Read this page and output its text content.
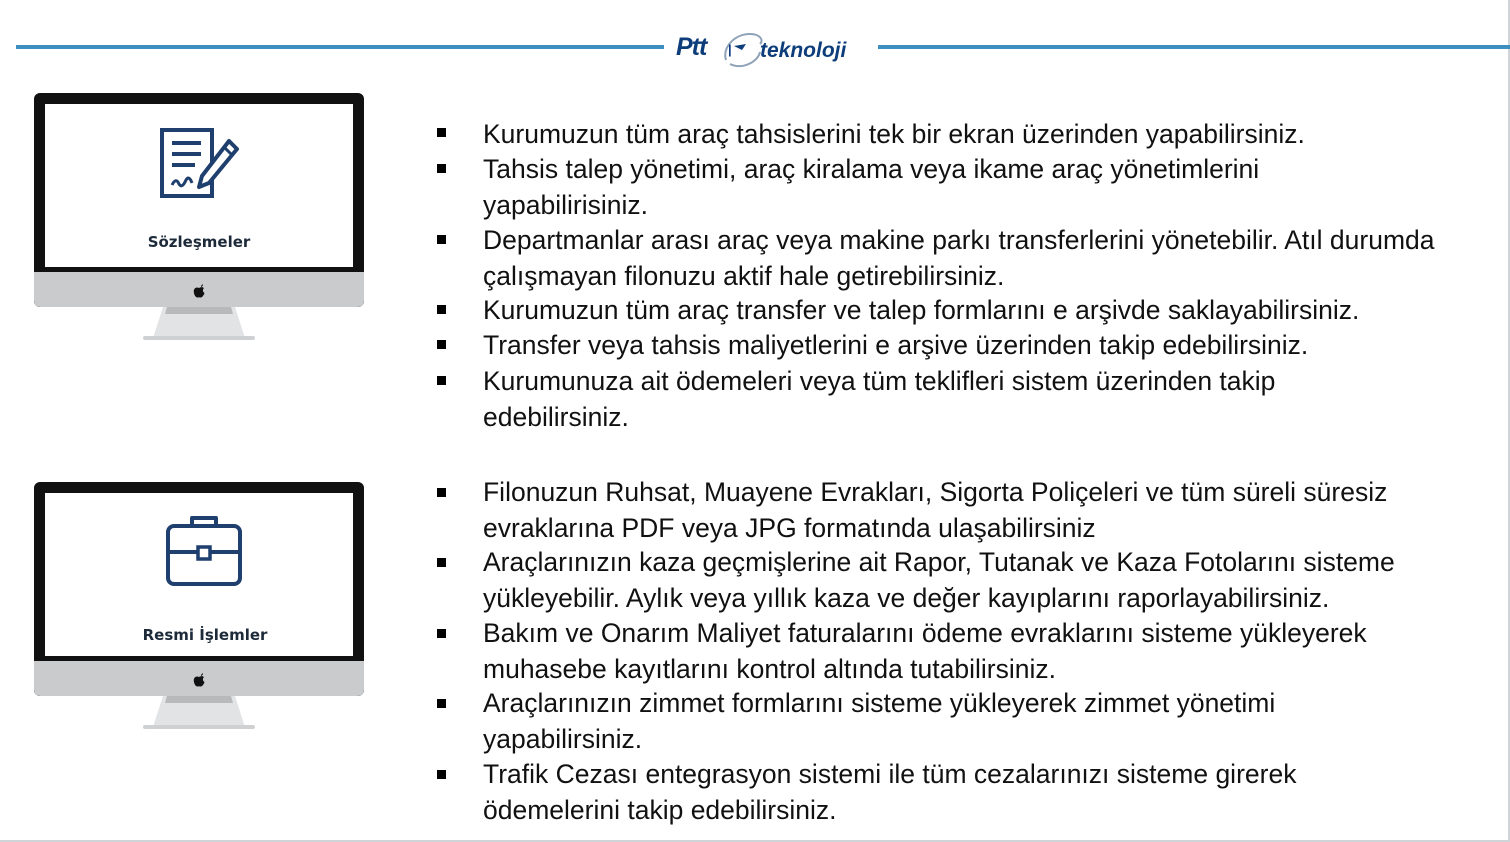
Ptt | teknoloji
Sözleşmeler
Resmi İşlemler
Kurumuzun tüm araç tahsislerini tek bir ekran üzerinden yapabilirsiniz.
Tahsis talep yönetimi, araç kiralama veya ikame araç yönetimlerini yapabilirisiniz.
Departmanlar arası araç veya makine parkı transferlerini yönetebilir. Atıl durumda çalışmayan filonuzu aktif hale getirebilirsiniz.
Kurumuzun tüm araç transfer ve talep formlarını e arşivde saklayabilirsiniz.
Transfer veya tahsis maliyetlerini e arşive üzerinden takip edebilirsiniz.
Kurumunuza ait ödemeleri veya tüm teklifleri sistem üzerinden takip edebilirsiniz.
Filonuzun Ruhsat, Muayene Evrakları, Sigorta Poliçeleri ve tüm süreli süresiz evraklarına PDF veya JPG formatında ulaşabilirsiniz
Araçlarınızın kaza geçmişlerine ait Rapor, Tutanak ve Kaza Fotolarını sisteme yükleyebilir. Aylık veya yıllık kaza ve değer kayıplarını raporlayabilirsiniz.
Bakım ve Onarım Maliyet faturalarını ödeme evraklarını sisteme yükleyerek muhasebe kayıtlarını kontrol altında tutabilirsiniz.
Araçlarınızın zimmet formlarını sisteme yükleyerek zimmet yönetimi yapabilirsiniz.
Trafik Cezası entegrasyon sistemi ile tüm cezalarınızı sisteme girerek ödemelerini takip edebilirsiniz.
